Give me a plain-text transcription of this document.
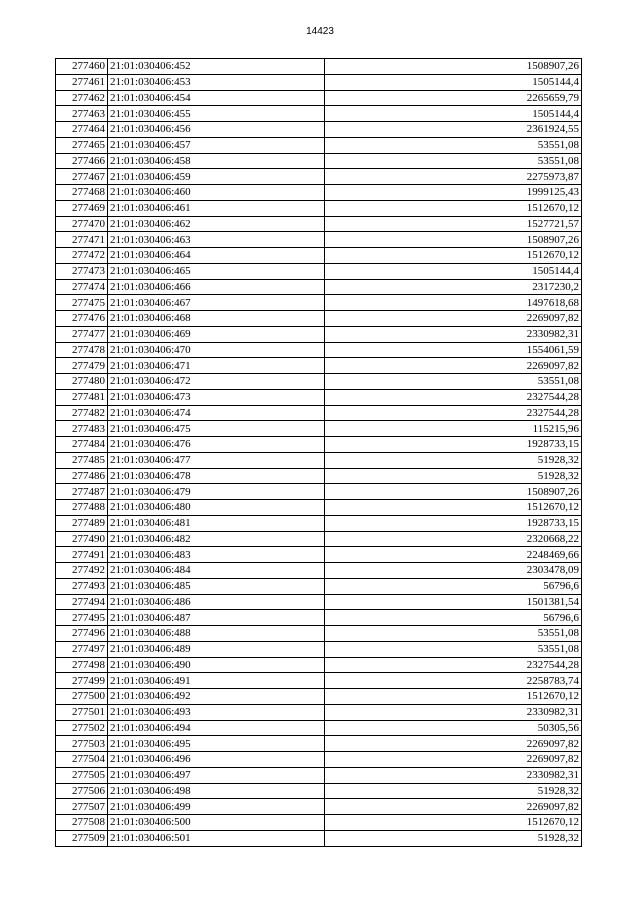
14423
277460	21:01:030406:452	1508907,26
277461	21:01:030406:453	1505144,4
277462	21:01:030406:454	2265659,79
277463	21:01:030406:455	1505144,4
277464	21:01:030406:456	2361924,55
277465	21:01:030406:457	53551,08
277466	21:01:030406:458	53551,08
277467	21:01:030406:459	2275973,87
277468	21:01:030406:460	1999125,43
277469	21:01:030406:461	1512670,12
277470	21:01:030406:462	1527721,57
277471	21:01:030406:463	1508907,26
277472	21:01:030406:464	1512670,12
277473	21:01:030406:465	1505144,4
277474	21:01:030406:466	2317230,2
277475	21:01:030406:467	1497618,68
277476	21:01:030406:468	2269097,82
277477	21:01:030406:469	2330982,31
277478	21:01:030406:470	1554061,59
277479	21:01:030406:471	2269097,82
277480	21:01:030406:472	53551,08
277481	21:01:030406:473	2327544,28
277482	21:01:030406:474	2327544,28
277483	21:01:030406:475	115215,96
277484	21:01:030406:476	1928733,15
277485	21:01:030406:477	51928,32
277486	21:01:030406:478	51928,32
277487	21:01:030406:479	1508907,26
277488	21:01:030406:480	1512670,12
277489	21:01:030406:481	1928733,15
277490	21:01:030406:482	2320668,22
277491	21:01:030406:483	2248469,66
277492	21:01:030406:484	2303478,09
277493	21:01:030406:485	56796,6
277494	21:01:030406:486	1501381,54
277495	21:01:030406:487	56796,6
277496	21:01:030406:488	53551,08
277497	21:01:030406:489	53551,08
277498	21:01:030406:490	2327544,28
277499	21:01:030406:491	2258783,74
277500	21:01:030406:492	1512670,12
277501	21:01:030406:493	2330982,31
277502	21:01:030406:494	50305,56
277503	21:01:030406:495	2269097,82
277504	21:01:030406:496	2269097,82
277505	21:01:030406:497	2330982,31
277506	21:01:030406:498	51928,32
277507	21:01:030406:499	2269097,82
277508	21:01:030406:500	1512670,12
277509	21:01:030406:501	51928,32
